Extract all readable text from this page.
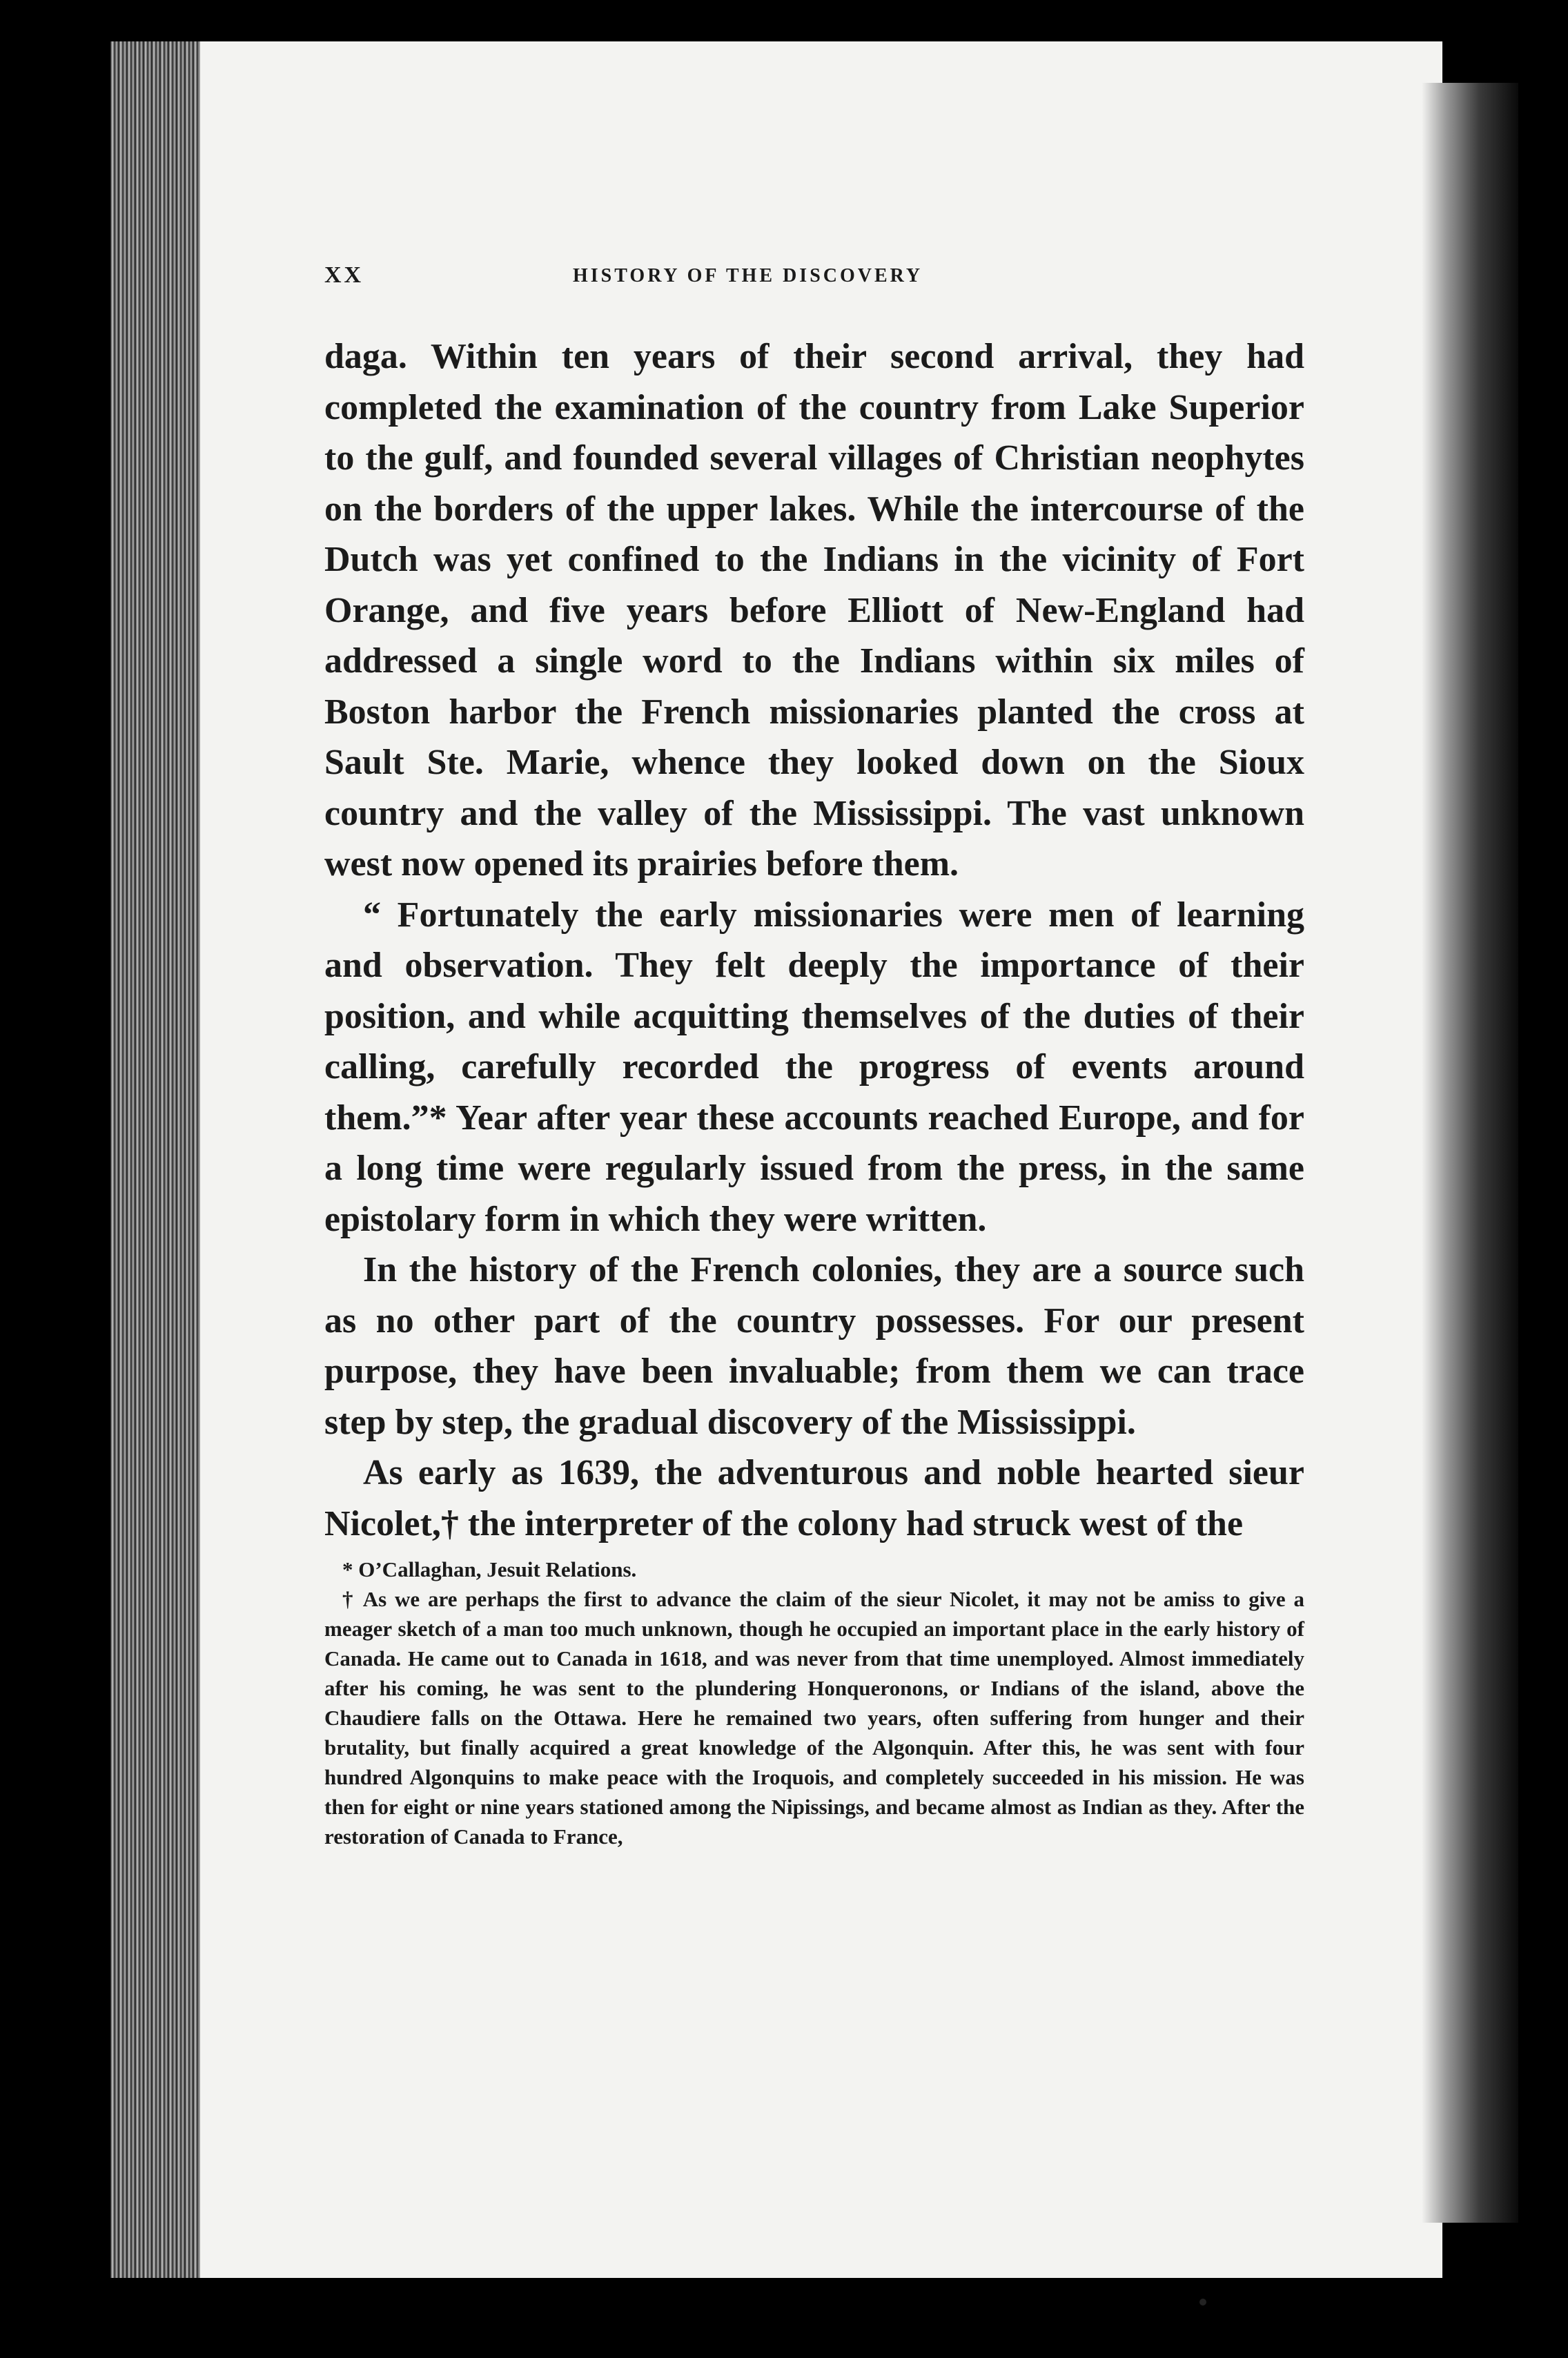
XX	HISTORY OF THE DISCOVERY

daga. Within ten years of their second arrival, they had completed the examination of the country from Lake Superior to the gulf, and founded several villages of Christian neophytes on the borders of the upper lakes. While the intercourse of the Dutch was yet confined to the Indians in the vicinity of Fort Orange, and five years before Elliott of New-England had addressed a single word to the Indians within six miles of Boston harbor the French missionaries planted the cross at Sault Ste. Marie, whence they looked down on the Sioux country and the valley of the Mississippi. The vast unknown west now opened its prairies before them.

“ Fortunately the early missionaries were men of learning and observation. They felt deeply the importance of their position, and while acquitting themselves of the duties of their calling, carefully recorded the progress of events around them.”* Year after year these accounts reached Europe, and for a long time were regularly issued from the press, in the same epistolary form in which they were written.

In the history of the French colonies, they are a source such as no other part of the country possesses. For our present purpose, they have been invaluable; from them we can trace step by step, the gradual discovery of the Mississippi.

As early as 1639, the adventurous and noble hearted sieur Nicolet,† the interpreter of the colony had struck west of the

* O’Callaghan, Jesuit Relations.

† As we are perhaps the first to advance the claim of the sieur Nicolet, it may not be amiss to give a meager sketch of a man too much unknown, though he occupied an important place in the early history of Canada. He came out to Canada in 1618, and was never from that time unemployed. Almost immediately after his coming, he was sent to the plundering Honqueronons, or Indians of the island, above the Chaudiere falls on the Ottawa. Here he remained two years, often suffering from hunger and their brutality, but finally acquired a great knowledge of the Algonquin. After this, he was sent with four hundred Algonquins to make peace with the Iroquois, and completely succeeded in his mission. He was then for eight or nine years stationed among the Nipissings, and became almost as Indian as they. After the restoration of Canada to France,
